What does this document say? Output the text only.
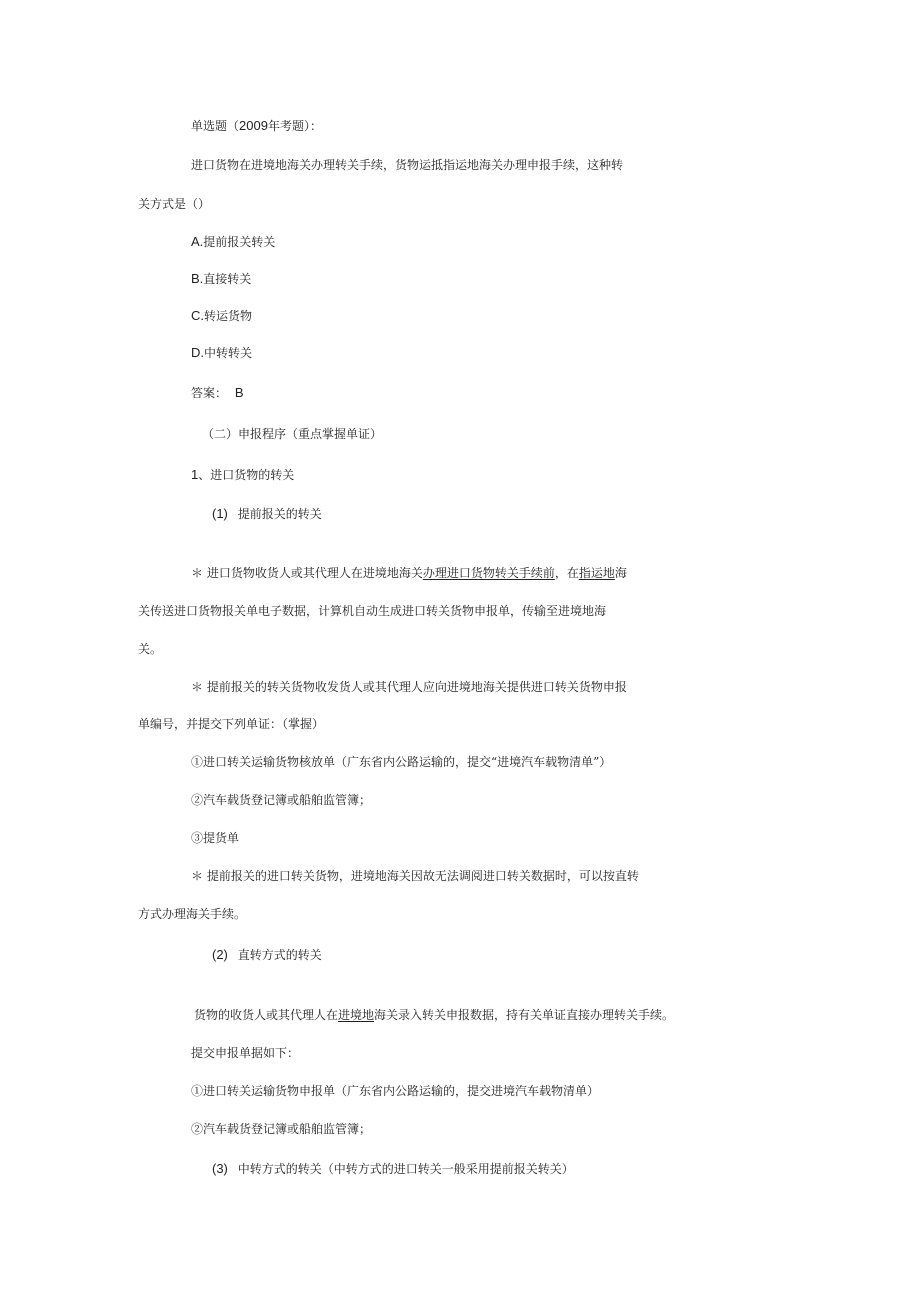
单选题（2009年考题）：
进口货物在进境地海关办理转关手续，货物运抵指运地海关办理申报手续，这种转
关方式是（）
A.提前报关转关
B.直接转关
C.转运货物
D.中转转关
答案： B
（二）申报程序（重点掌握单证）
1、进口货物的转关
(1) 提前报关的转关
＊ 进口货物收货人或其代理人在进境地海关办理进口货物转关手续前，在指运地海
关传送进口货物报关单电子数据，计算机自动生成进口转关货物申报单，传输至进境地海
关。
＊ 提前报关的转关货物收发货人或其代理人应向进境地海关提供进口转关货物申报
单编号，并提交下列单证：（掌握）
①进口转关运输货物核放单（广东省内公路运输的，提交“进境汽车载物清单”）
②汽车载货登记簿或船舶监管簿；
③提货单
＊ 提前报关的进口转关货物，进境地海关因故无法调阅进口转关数据时，可以按直转
方式办理海关手续。
(2) 直转方式的转关
货物的收货人或其代理人在进境地海关录入转关申报数据，持有关单证直接办理转关手续。
提交申报单据如下：
①进口转关运输货物申报单（广东省内公路运输的，提交进境汽车载物清单）
②汽车载货登记簿或船舶监管簿；
(3) 中转方式的转关（中转方式的进口转关一般采用提前报关转关）
